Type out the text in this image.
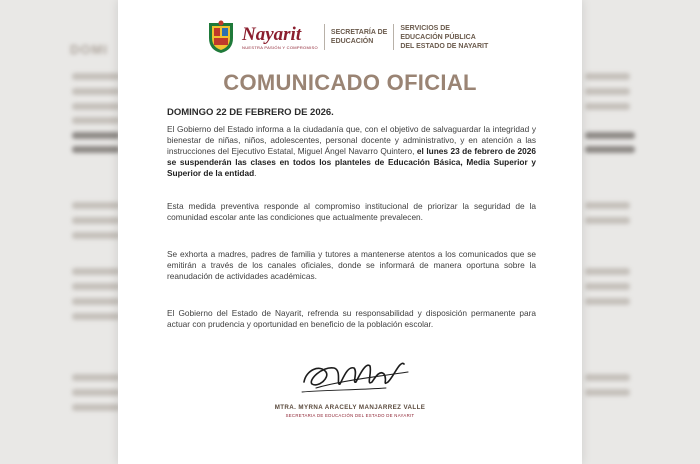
DOMI
Nayarit
NUESTRA PASIÓN Y COMPROMISO
SECRETARÍA DE
EDUCACIÓN
SERVICIOS DE
EDUCACIÓN PÚBLICA
DEL ESTADO DE NAYARIT
COMUNICADO OFICIAL
DOMINGO 22 DE FEBRERO DE 2026.

El Gobierno del Estado informa a la ciudadanía que, con el objetivo de salvaguardar la integridad y bienestar de niñas, niños, adolescentes, personal docente y administrativo, y en atención a las instrucciones del Ejecutivo Estatal, Miguel Ángel Navarro Quintero, el lunes 23 de febrero de 2026 se suspenderán las clases en todos los planteles de Educación Básica, Media Superior y Superior de la entidad.

Esta medida preventiva responde al compromiso institucional de priorizar la seguridad de la comunidad escolar ante las condiciones que actualmente prevalecen.

Se exhorta a madres, padres de familia y tutores a mantenerse atentos a los comunicados que se emitirán a través de los canales oficiales, donde se informará de manera oportuna sobre la reanudación de actividades académicas.

El Gobierno del Estado de Nayarit, refrenda su responsabilidad y disposición permanente para actuar con prudencia y oportunidad en beneficio de la población escolar.

MTRA. MYRNA ARACELY MANJARREZ VALLE
SECRETARIA DE EDUCACIÓN DEL ESTADO DE NAYARIT
